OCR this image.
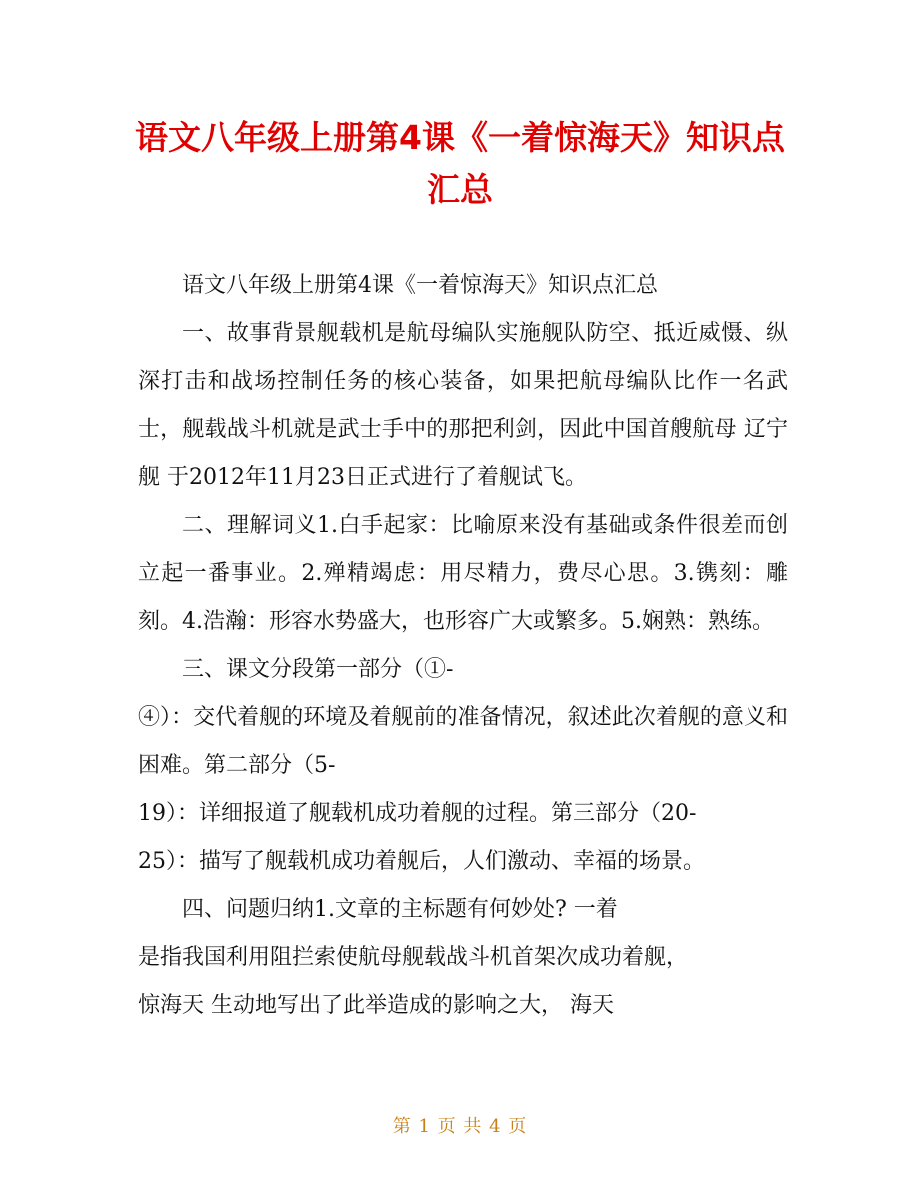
语文八年级上册第4课《一着惊海天》知识点
汇总

语文八年级上册第4课《一着惊海天》知识点汇总

一、故事背景舰载机是航母编队实施舰队防空、抵近威慑、纵深打击和战场控制任务的核心装备，如果把航母编队比作一名武士，舰载战斗机就是武士手中的那把利剑，因此中国首艘航母 辽宁舰 于2012年11月23日正式进行了着舰试飞。

二、理解词义1.白手起家：比喻原来没有基础或条件很差而创立起一番事业。2.殚精竭虑：用尽精力，费尽心思。3.镌刻：雕刻。4.浩瀚：形容水势盛大，也形容广大或繁多。5.娴熟：熟练。

三、课文分段第一部分（①-

④）：交代着舰的环境及着舰前的准备情况，叙述此次着舰的意义和困难。第二部分（5-

19）：详细报道了舰载机成功着舰的过程。第三部分（20-

25）：描写了舰载机成功着舰后，人们激动、幸福的场景。

四、问题归纳1.文章的主标题有何妙处? 一着

是指我国利用阻拦索使航母舰载战斗机首架次成功着舰，

惊海天 生动地写出了此举造成的影响之大， 海天

第 1 页 共 4 页
